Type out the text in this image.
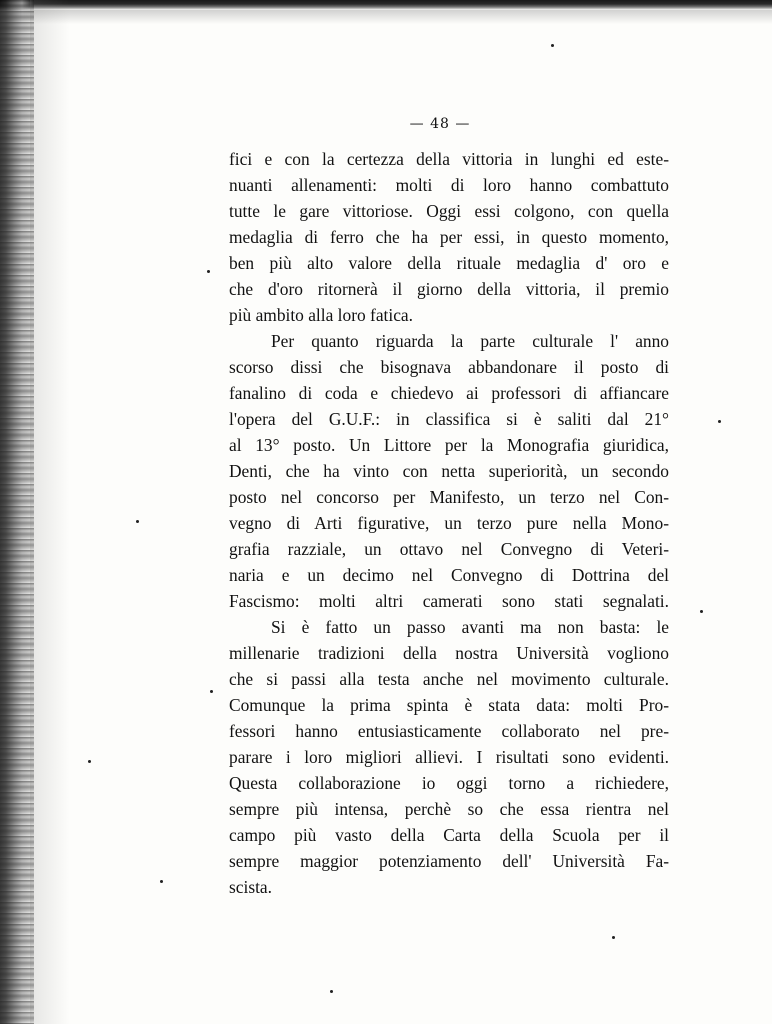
— 48 —
fici e con la certezza della vittoria in lunghi ed este-
nuanti allenamenti: molti di loro hanno combattuto
tutte le gare vittoriose. Oggi essi colgono, con quella
medaglia di ferro che ha per essi, in questo momento,
ben più alto valore della rituale medaglia d' oro e
che d'oro ritornerà il giorno della vittoria, il premio
più ambito alla loro fatica.
Per quanto riguarda la parte culturale l' anno
scorso dissi che bisognava abbandonare il posto di
fanalino di coda e chiedevo ai professori di affiancare
l'opera del G.U.F.: in classifica si è saliti dal 21°
al 13° posto. Un Littore per la Monografia giuridica,
Denti, che ha vinto con netta superiorità, un secondo
posto nel concorso per Manifesto, un terzo nel Con-
vegno di Arti figurative, un terzo pure nella Mono-
grafia razziale, un ottavo nel Convegno di Veteri-
naria e un decimo nel Convegno di Dottrina del
Fascismo: molti altri camerati sono stati segnalati.
Si è fatto un passo avanti ma non basta: le
millenarie tradizioni della nostra Università vogliono
che si passi alla testa anche nel movimento culturale.
Comunque la prima spinta è stata data: molti Pro-
fessori hanno entusiasticamente collaborato nel pre-
parare i loro migliori allievi. I risultati sono evidenti.
Questa collaborazione io oggi torno a richiedere,
sempre più intensa, perchè so che essa rientra nel
campo più vasto della Carta della Scuola per il
sempre maggior potenziamento dell' Università Fa-
scista.
